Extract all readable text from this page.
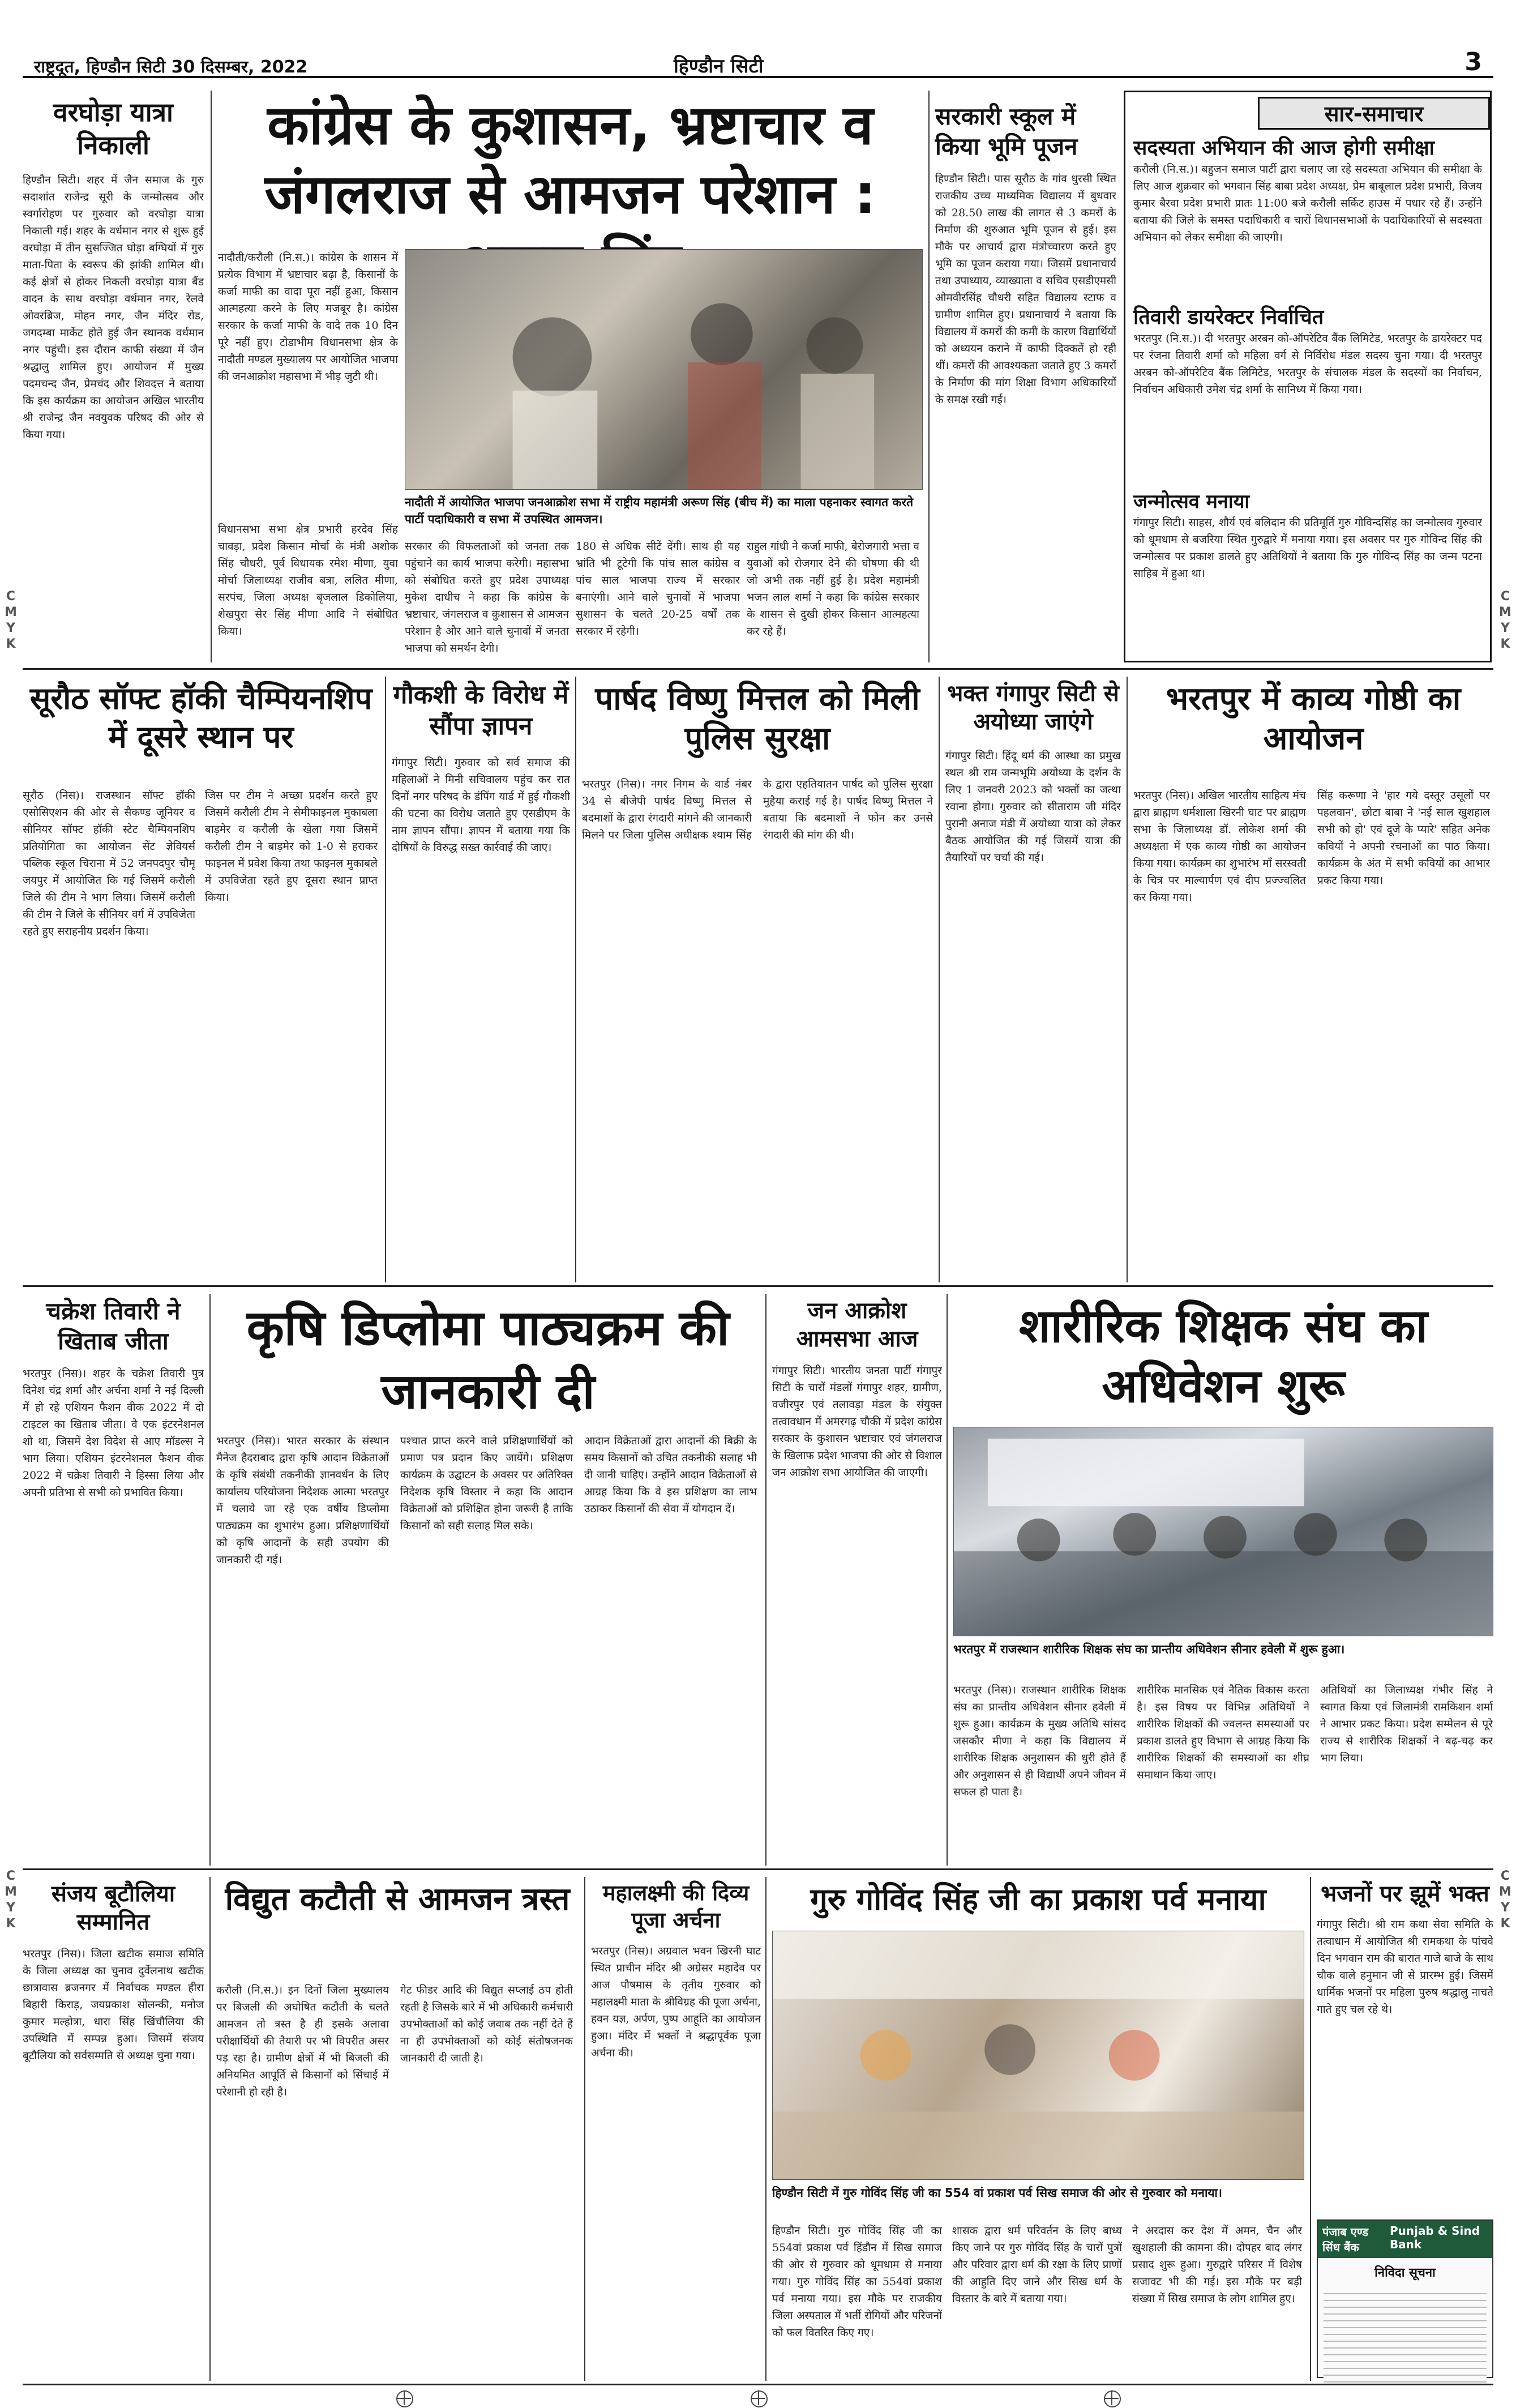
राष्ट्रदूत, हिण्डौन सिटी 30 दिसम्बर, 2022	हिण्डौन सिटी	3
C
M
Y
K
C
M
Y
K
C
M
Y
K
C
M
Y
K
वरघोड़ा यात्रा निकाली
हिण्डौन सिटी। शहर में जैन समाज के गुरु सदाशांत राजेन्द्र सूरी के जन्मोत्सव और स्वर्गारोहण पर गुरुवार को वरघोड़ा यात्रा निकाली गई। शहर के वर्धमान नगर से शुरू हुई वरघोड़ा में तीन सुसज्जित घोड़ा बग्घियों में गुरु माता-पिता के स्वरूप की झांकी शामिल थी। कई क्षेत्रों से होकर निकली वरघोड़ा यात्रा बैंड वादन के साथ वरघोड़ा वर्धमान नगर, रेलवे ओवरब्रिज, मोहन नगर, जैन मंदिर रोड, जगदम्बा मार्केट होते हुई जैन स्थानक वर्धमान नगर पहुंची। इस दौरान काफी संख्या में जैन श्रद्धालु शामिल हुए। आयोजन में मुख्य पदमचन्द जैन, प्रेमचंद और शिवदत्त ने बताया कि इस कार्यक्रम का आयोजन अखिल भारतीय श्री राजेन्द्र जैन नवयुवक परिषद की ओर से किया गया।
कांग्रेस के कुशासन, भ्रष्टाचार व जंगलराज से आमजन परेशान :
नादौती में आयोजित भाजपा जनआक्रोश सभा में राष्ट्रीय महामंत्री अरूण सिंह (बीच में) का माला पहनाकर स्वागत करते पार्टी पदाधिकारी व सभा में उपस्थित आमजन।
नादौती/करौली (नि.स.)। कांग्रेस के शासन में प्रत्येक विभाग में भ्रष्टाचार बढ़ा है, किसानों के कर्जा माफी का वादा पूरा नहीं हुआ, किसान आत्महत्या करने के लिए मजबूर है। कांग्रेस सरकार के कर्जा माफी के वादे तक 10 दिन पूरे नहीं हुए। टोडाभीम विधानसभा क्षेत्र के नादौती मण्डल मुख्यालय पर आयोजित भाजपा की जनआक्रोश महासभा में भीड़ जुटी थी।
विधानसभा सभा क्षेत्र प्रभारी हरदेव सिंह चावड़ा, प्रदेश किसान मोर्चा के मंत्री अशोक सिंह चौधरी, पूर्व विधायक रमेश मीणा, युवा मोर्चा जिलाध्यक्ष राजीव बत्रा, ललित मीणा, सरपंच, जिला अध्यक्ष बृजलाल डिकोलिया, शेखपुरा सेर सिंह मीणा आदि ने संबोधित किया।
सरकार की विफलताओं को जनता तक पहुंचाने का कार्य भाजपा करेगी। महासभा को संबोधित करते हुए प्रदेश उपाध्यक्ष मुकेश दाधीच ने कहा कि कांग्रेस के भ्रष्टाचार, जंगलराज व कुशासन से आमजन परेशान है और आने वाले चुनावों में जनता भाजपा को समर्थन देगी।
180 से अधिक सीटें देंगी। साथ ही यह भ्रांति भी टूटेगी कि पांच साल कांग्रेस व पांच साल भाजपा राज्य में सरकार बनाएंगी। आने वाले चुनावों में भाजपा सुशासन के चलते 20-25 वर्षों तक सरकार में रहेगी।
राहुल गांधी ने कर्जा माफी, बेरोजगारी भत्ता व युवाओं को रोजगार देने की घोषणा की थी जो अभी तक नहीं हुई है। प्रदेश महामंत्री भजन लाल शर्मा ने कहा कि कांग्रेस सरकार के शासन से दुखी होकर किसान आत्महत्या कर रहे हैं।
सरकारी स्कूल में किया भूमि पूजन
हिण्डौन सिटी। पास सूरौठ के गांव धुरसी स्थित राजकीय उच्च माध्यमिक विद्यालय में बुधवार को 28.50 लाख की लागत से 3 कमरों के निर्माण की शुरुआत भूमि पूजन से हुई। इस मौके पर आचार्य द्वारा मंत्रोच्चारण करते हुए भूमि का पूजन कराया गया। जिसमें प्रधानाचार्य तथा उपाध्याय, व्याख्याता व सचिव एसडीएमसी ओमवीरसिंह चौधरी सहित विद्यालय स्टाफ व ग्रामीण शामिल हुए। प्रधानाचार्य ने बताया कि विद्यालय में कमरों की कमी के कारण विद्यार्थियों को अध्ययन कराने में काफी दिक्कतें हो रही थीं। कमरों की आवश्यकता जताते हुए 3 कमरों के निर्माण की मांग शिक्षा विभाग अधिकारियों के समक्ष रखी गई।
सार-समाचार
सदस्यता अभियान की आज होगी समीक्षा
करौली (नि.स.)। बहुजन समाज पार्टी द्वारा चलाए जा रहे सदस्यता अभियान की समीक्षा के लिए आज शुक्रवार को भगवान सिंह बाबा प्रदेश अध्यक्ष, प्रेम बाबूलाल प्रदेश प्रभारी, विजय कुमार बैरवा प्रदेश प्रभारी प्रातः 11:00 बजे करौली सर्किट हाउस में पधार रहे हैं। उन्होंने बताया की जिले के समस्त पदाधिकारी व चारों विधानसभाओं के पदाधिकारियों से सदस्यता अभियान को लेकर समीक्षा की जाएगी।
तिवारी डायरेक्टर निर्वाचित
भरतपुर (नि.स.)। दी भरतपुर अरबन को-ऑपरेटिव बैंक लिमिटेड, भरतपुर के डायरेक्टर पद पर रंजना तिवारी शर्मा को महिला वर्ग से निर्विरोध मंडल सदस्य चुना गया। दी भरतपुर अरबन को-ऑपरेटिव बैंक लिमिटेड, भरतपुर के संचालक मंडल के सदस्यों का निर्वाचन, निर्वाचन अधिकारी उमेश चंद्र शर्मा के सानिध्य में किया गया।
जन्मोत्सव मनाया
गंगापुर सिटी। साहस, शौर्य एवं बलिदान की प्रतिमूर्ति गुरु गोविन्दसिंह का जन्मोत्सव गुरुवार को धूमधाम से बजरिया स्थित गुरुद्वारे में मनाया गया। इस अवसर पर गुरु गोविन्द सिंह की जन्मोत्सव पर प्रकाश डालते हुए अतिथियों ने बताया कि गुरु गोविन्द सिंह का जन्म पटना साहिब में हुआ था।
सूरौठ सॉफ्ट हॉकी चैम्पियनशिप में दूसरे स्थान पर
सूरौठ (निस)। राजस्थान सॉफ्ट हॉकी एसोसिएशन की ओर से सैकण्ड जूनियर व सीनियर सॉफ्ट हॉकी स्टेट चैम्पियनशिप प्रतियोगिता का आयोजन सेंट ज्ञेवियर्स पब्लिक स्कूल चिराना में 52 जनपदपुर चौमू जयपुर में आयोजित कि गई जिसमें करौली जिले की टीम ने भाग लिया। जिसमें करौली की टीम ने जिले के सीनियर वर्ग में उपविजेता रहते हुए सराहनीय प्रदर्शन किया।
जिस पर टीम ने अच्छा प्रदर्शन करते हुए जिसमें करौली टीम ने सेमीफाइनल मुकाबला बाड़मेर व करौली के खेला गया जिसमें करौली टीम ने बाड़मेर को 1-0 से हराकर फाइनल में प्रवेश किया तथा फाइनल मुकाबले में उपविजेता रहते हुए दूसरा स्थान प्राप्त किया।
गौकशी के विरोध में सौंपा ज्ञापन
गंगापुर सिटी। गुरुवार को सर्व समाज की महिलाओं ने मिनी सचिवालय पहुंच कर रात दिनों नगर परिषद के डंपिंग यार्ड में हुई गौकशी की घटना का विरोध जताते हुए एसडीएम के नाम ज्ञापन सौंपा। ज्ञापन में बताया गया कि दोषियों के विरुद्ध सख्त कार्रवाई की जाए।
पार्षद विष्णु मित्तल को मिली पुलिस सुरक्षा
भरतपुर (निस)। नगर निगम के वार्ड नंबर 34 से बीजेपी पार्षद विष्णु मित्तल से बदमाशों के द्वारा रंगदारी मांगने की जानकारी मिलने पर जिला पुलिस अधीक्षक श्याम सिंह के द्वारा एहतियातन पार्षद को पुलिस सुरक्षा मुहैया कराई गई है। पार्षद विष्णु मित्तल ने बताया कि बदमाशों ने फोन कर उनसे रंगदारी की मांग की थी।
भक्त गंगापुर सिटी से अयोध्या जाएंगे
गंगापुर सिटी। हिंदू धर्म की आस्था का प्रमुख स्थल श्री राम जन्मभूमि अयोध्या के दर्शन के लिए 1 जनवरी 2023 को भक्तों का जत्था रवाना होगा। गुरुवार को सीताराम जी मंदिर पुरानी अनाज मंडी में अयोध्या यात्रा को लेकर बैठक आयोजित की गई जिसमें यात्रा की तैयारियों पर चर्चा की गई।
भरतपुर में काव्य गोष्ठी का आयोजन
भरतपुर (निस)। अखिल भारतीय साहित्य मंच द्वारा ब्राह्मण धर्मशाला खिरनी घाट पर ब्राह्मण सभा के जिलाध्यक्ष डॉ. लोकेश शर्मा की अध्यक्षता में एक काव्य गोष्ठी का आयोजन किया गया। कार्यक्रम का शुभारंभ माँ सरस्वती के चित्र पर माल्यार्पण एवं दीप प्रज्ज्वलित कर किया गया।
सिंह करूणा ने 'हार गये दस्तूर उसूलों पर पहलवान', छोटा बाबा ने 'नई साल खुशहाल सभी को हो' एवं दूजे के प्यारे' सहित अनेक कवियों ने अपनी रचनाओं का पाठ किया। कार्यक्रम के अंत में सभी कवियों का आभार प्रकट किया गया।
चक्रेश तिवारी ने खिताब जीता
भरतपुर (निस)। शहर के चक्रेश तिवारी पुत्र दिनेश चंद्र शर्मा और अर्चना शर्मा ने नई दिल्ली में हो रहे एशियन फैशन वीक 2022 में दो टाइटल का खिताब जीता। वे एक इंटरनेशनल शो था, जिसमें देश विदेश से आए मॉडल्स ने भाग लिया। एशियन इंटरनेशनल फैशन वीक 2022 में चक्रेश तिवारी ने हिस्सा लिया और अपनी प्रतिभा से सभी को प्रभावित किया।
कृषि डिप्लोमा पाठ्यक्रम की जानकारी दी
भरतपुर (निस)। भारत सरकार के संस्थान मैनेज हैदराबाद द्वारा कृषि आदान विक्रेताओं के कृषि संबंधी तकनीकी ज्ञानवर्धन के लिए कार्यालय परियोजना निदेशक आत्मा भरतपुर में चलाये जा रहे एक वर्षीय डिप्लोमा पाठ्यक्रम का शुभारंभ हुआ। प्रशिक्षणार्थियों को कृषि आदानों के सही उपयोग की जानकारी दी गई।
पश्चात प्राप्त करने वाले प्रशिक्षणार्थियों को प्रमाण पत्र प्रदान किए जायेंगे। प्रशिक्षण कार्यक्रम के उद्घाटन के अवसर पर अतिरिक्त निदेशक कृषि विस्तार ने कहा कि आदान विक्रेताओं को प्रशिक्षित होना जरूरी है ताकि किसानों को सही सलाह मिल सके।
आदान विक्रेताओं द्वारा आदानों की बिक्री के समय किसानों को उचित तकनीकी सलाह भी दी जानी चाहिए। उन्होंने आदान विक्रेताओं से आग्रह किया कि वे इस प्रशिक्षण का लाभ उठाकर किसानों की सेवा में योगदान दें।
जन आक्रोश आमसभा आज
गंगापुर सिटी। भारतीय जनता पार्टी गंगापुर सिटी के चारों मंडलों गंगापुर शहर, ग्रामीण, वजीरपुर एवं तलावड़ा मंडल के संयुक्त तत्वावधान में अमरगढ़ चौकी में प्रदेश कांग्रेस सरकार के कुशासन भ्रष्टाचार एवं जंगलराज के खिलाफ प्रदेश भाजपा की ओर से विशाल जन आक्रोश सभा आयोजित की जाएगी।
शारीरिक शिक्षक संघ का अधिवेशन शुरू
भरतपुर में राजस्थान शारीरिक शिक्षक संघ का प्रान्तीय अधिवेशन सीनार हवेली में शुरू हुआ।
भरतपुर (निस)। राजस्थान शारीरिक शिक्षक संघ का प्रान्तीय अधिवेशन सीनार हवेली में शुरू हुआ। कार्यक्रम के मुख्य अतिथि सांसद जसकौर मीणा ने कहा कि विद्यालय में शारीरिक शिक्षक अनुशासन की धुरी होते हैं और अनुशासन से ही विद्यार्थी अपने जीवन में सफल हो पाता है।
शारीरिक मानसिक एवं नैतिक विकास करता है। इस विषय पर विभिन्न अतिथियों ने शारीरिक शिक्षकों की ज्वलन्त समस्याओं पर प्रकाश डालते हुए विभाग से आग्रह किया कि शारीरिक शिक्षकों की समस्याओं का शीघ्र समाधान किया जाए।
अतिथियों का जिलाध्यक्ष गंभीर सिंह ने स्वागत किया एवं जिलामंत्री रामकिशन शर्मा ने आभार प्रकट किया। प्रदेश सम्मेलन से पूरे राज्य से शारीरिक शिक्षकों ने बढ़-चढ़ कर भाग लिया।
संजय बूटौलिया सम्मानित
भरतपुर (निस)। जिला खटीक समाज समिति के जिला अध्यक्ष का चुनाव दुर्वेलनाथ खटीक छात्रावास ब्रजनगर में निर्वाचक मण्डल हीरा बिहारी किराड़, जयप्रकाश सोलन्की, मनोज कुमार मल्होत्रा, धारा सिंह खिंचौलिया की उपस्थिति में सम्पन्न हुआ। जिसमें संजय बूटौलिया को सर्वसम्मति से अध्यक्ष चुना गया।
विद्युत कटौती से आमजन त्रस्त
करौली (नि.स.)। इन दिनों जिला मुख्यालय पर बिजली की अघोषित कटौती के चलते आमजन तो त्रस्त है ही इसके अलावा परीक्षार्थियों की तैयारी पर भी विपरीत असर पड़ रहा है। ग्रामीण क्षेत्रों में भी बिजली की अनियमित आपूर्ति से किसानों को सिंचाई में परेशानी हो रही है।
गेट फीडर आदि की विद्युत सप्लाई ठप होती रहती है जिसके बारे में भी अधिकारी कर्मचारी उपभोक्ताओं को कोई जवाब तक नहीं देते हैं ना ही उपभोक्ताओं को कोई संतोषजनक जानकारी दी जाती है।
महालक्ष्मी की दिव्य पूजा अर्चना
भरतपुर (निस)। अग्रवाल भवन खिरनी घाट स्थित प्राचीन मंदिर श्री अग्रेसर महादेव पर आज पौषमास के तृतीय गुरुवार को महालक्ष्मी माता के श्रीविग्रह की पूजा अर्चना, हवन यज्ञ, अर्पण, पुष्प आहूति का आयोजन हुआ। मंदिर में भक्तों ने श्रद्धापूर्वक पूजा अर्चना की।
गुरु गोविंद सिंह जी का प्रकाश पर्व मनाया
हिण्डौन सिटी में गुरु गोविंद सिंह जी का 554 वां प्रकाश पर्व सिख समाज की ओर से गुरुवार को मनाया।
हिण्डौन सिटी। गुरु गोविंद सिंह जी का 554वां प्रकाश पर्व हिंडौन में सिख समाज की ओर से गुरुवार को धूमधाम से मनाया गया। गुरु गोविंद सिंह का 554वां प्रकाश पर्व मनाया गया। इस मौके पर राजकीय जिला अस्पताल में भर्ती रोगियों और परिजनों को फल वितरित किए गए।
शासक द्वारा धर्म परिवर्तन के लिए बाध्य किए जाने पर गुरु गोविंद सिंह के चारों पुत्रों और परिवार द्वारा धर्म की रक्षा के लिए प्राणों की आहुति दिए जाने और सिख धर्म के विस्तार के बारे में बताया गया।
ने अरदास कर देश में अमन, चैन और खुशहाली की कामना की। दोपहर बाद लंगर प्रसाद शुरू हुआ। गुरुद्वारे परिसर में विशेष सजावट भी की गई। इस मौके पर बड़ी संख्या में सिख समाज के लोग शामिल हुए।
भजनों पर झूमें भक्त
गंगापुर सिटी। श्री राम कथा सेवा समिति के तत्वाधान में आयोजित श्री रामकथा के पांचवे दिन भगवान राम की बारात गाजे बाजे के साथ चौक वाले हनुमान जी से प्रारम्भ हुई। जिसमें धार्मिक भजनों पर महिला पुरुष श्रद्धालु नाचते गाते हुए चल रहे थे।
पंजाब एण्ड सिंध बैंक
Punjab & Sind Bank
निविदा सूचना
